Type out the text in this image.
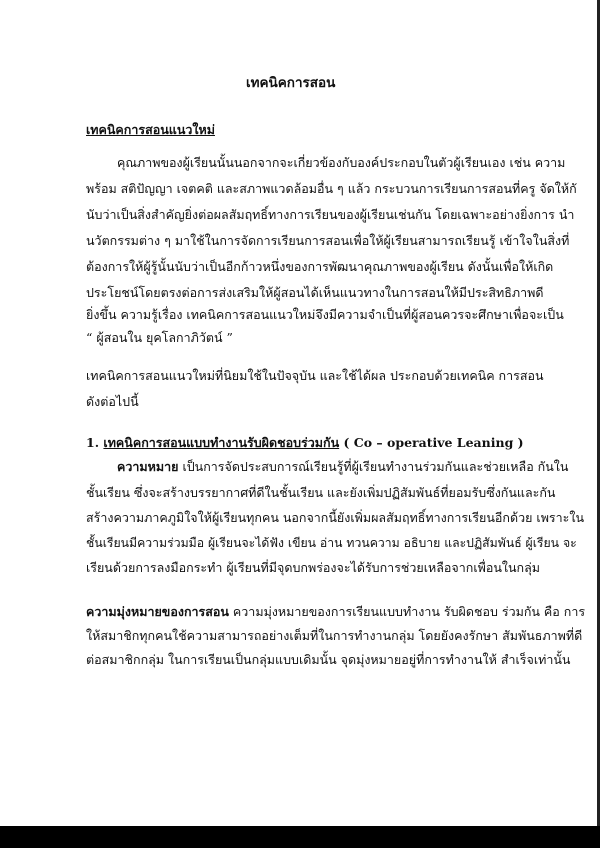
เทคนิคการสอน
เทคนิคการสอนแนวใหม่
คุณภาพของผู้เรียนนั้นนอกจากจะเกี่ยวข้องกับองค์ประกอบในตัวผู้เรียนเอง เช่น ความ
พร้อม สติปัญญา เจตคติ และสภาพแวดล้อมอื่น ๆ แล้ว กระบวนการเรียนการสอนที่ครู จัดให้กั
นับว่าเป็นสิ่งสำคัญยิ่งต่อผลสัมฤทธิ์ทางการเรียนของผู้เรียนเช่นกัน โดยเฉพาะอย่างยิ่งการ นำ
นวัตกรรมต่าง ๆ มาใช้ในการจัดการเรียนการสอนเพื่อให้ผู้เรียนสามารถเรียนรู้ เข้าใจในสิ่งที่
ต้องการให้ผู้รู้นั้นนับว่าเป็นอีกก้าวหนึ่งของการพัฒนาคุณภาพของผู้เรียน ดังนั้นเพื่อให้เกิด
ประโยชน์โดยตรงต่อการส่งเสริมให้ผู้สอนได้เห็นแนวทางในการสอนให้มีประสิทธิภาพดี
ยิ่งขึ้น ความรู้เรื่อง เทคนิคการสอนแนวใหม่จึงมีความจำเป็นที่ผู้สอนควรจะศึกษาเพื่อจะเป็น
“ ผู้สอนใน ยุคโลกาภิวัตน์ ”
เทคนิคการสอนแนวใหม่ที่นิยมใช้ในปัจจุบัน และใช้ได้ผล ประกอบด้วยเทคนิค การสอน
ดังต่อไปนี้
1. เทคนิคการสอนแบบทำงานรับผิดชอบร่วมกัน ( Co – operative Leaning )
ความหมาย เป็นการจัดประสบการณ์เรียนรู้ที่ผู้เรียนทำงานร่วมกันและช่วยเหลือ กันใน
ชั้นเรียน ซึ่งจะสร้างบรรยากาศที่ดีในชั้นเรียน และยังเพิ่มปฏิสัมพันธ์ที่ยอมรับซึ่งกันและกัน
สร้างความภาคภูมิใจให้ผู้เรียนทุกคน นอกจากนี้ยังเพิ่มผลสัมฤทธิ์ทางการเรียนอีกด้วย เพราะใน
ชั้นเรียนมีความร่วมมือ ผู้เรียนจะได้ฟัง เขียน อ่าน ทวนความ อธิบาย และปฏิสัมพันธ์ ผู้เรียน จะ
เรียนด้วยการลงมือกระทำ ผู้เรียนที่มีจุดบกพร่องจะได้รับการช่วยเหลือจากเพื่อนในกลุ่ม
ความมุ่งหมายของการสอน ความมุ่งหมายของการเรียนแบบทำงาน รับผิดชอบ ร่วมกัน คือ การ
ให้สมาชิกทุกคนใช้ความสามารถอย่างเต็มที่ในการทำงานกลุ่ม โดยยังคงรักษา สัมพันธภาพที่ดี
ต่อสมาชิกกลุ่ม ในการเรียนเป็นกลุ่มแบบเดิมนั้น จุดมุ่งหมายอยู่ที่การทำงานให้ สำเร็จเท่านั้น
